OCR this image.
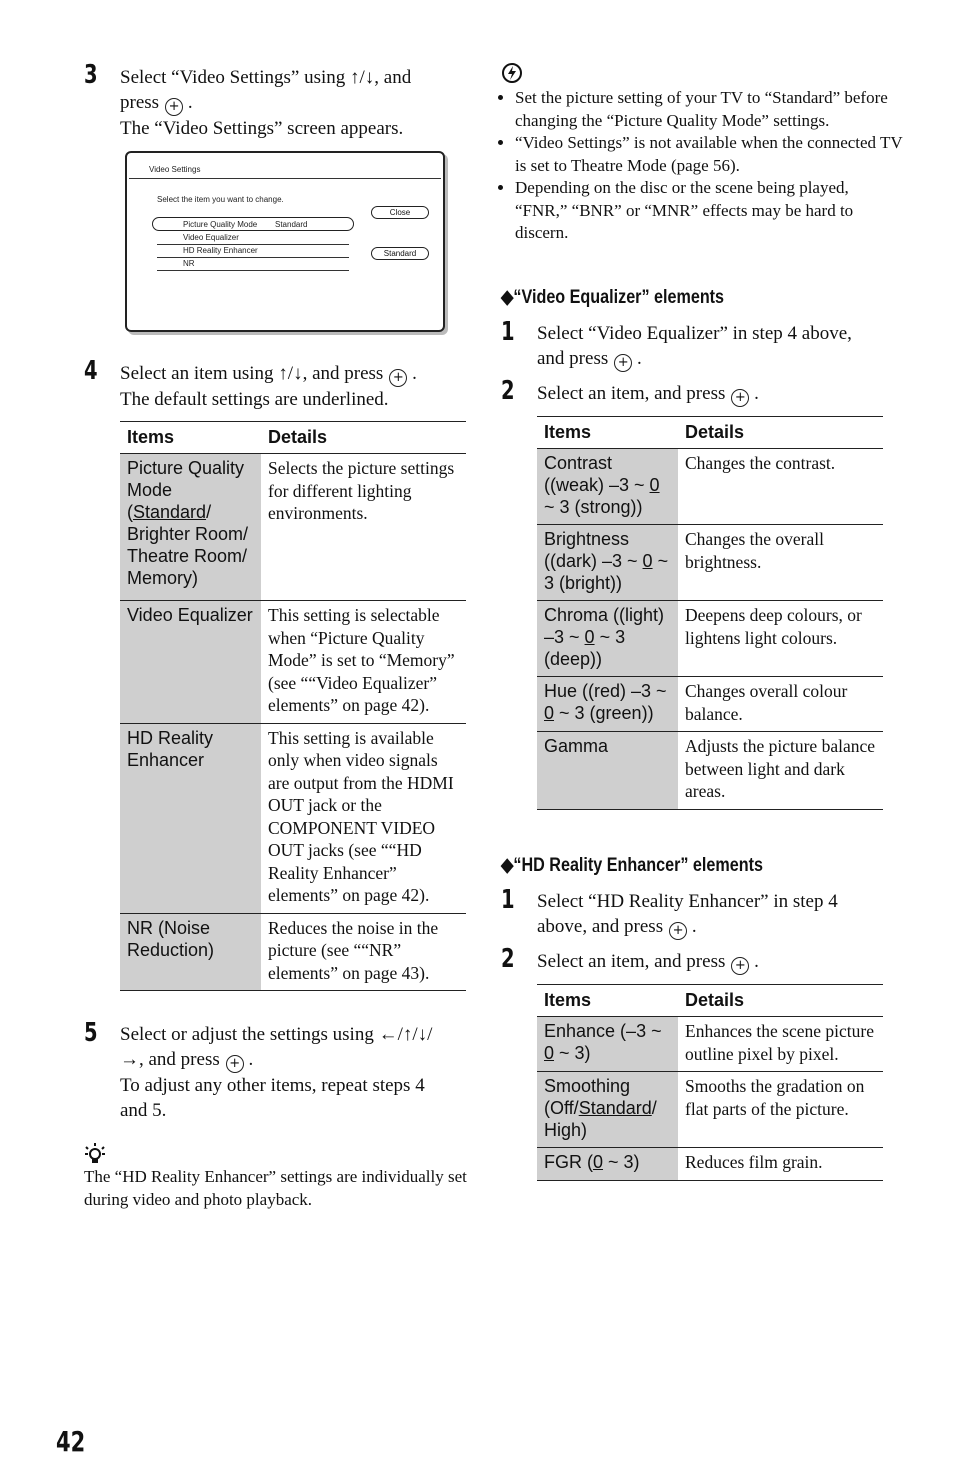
3 Select “Video Settings” using ↑/↓, and
press + .
The “Video Settings” screen appears.
Video Settings
Select the item you want to change.
Picture Quality Mode Standard
Video Equalizer
HD Reality Enhancer
NR
Close
Standard
4 Select an item using ↑/↓, and press + .
The default settings are underlined.
Items	Details
Picture Quality Mode (Standard/ Brighter Room/ Theatre Room/ Memory)	Selects the picture settings for different lighting environments.
Video Equalizer	This setting is selectable when “Picture Quality Mode” is set to “Memory” (see ““Video Equalizer” elements” on page 42).
HD Reality Enhancer	This setting is available only when video signals are output from the HDMI OUT jack or the COMPONENT VIDEO OUT jacks (see ““HD Reality Enhancer” elements” on page 42).
NR (Noise Reduction)	Reduces the noise in the picture (see ““NR” elements” on page 43).
5 Select or adjust the settings using ←/↑/↓/
→, and press + .
To adjust any other items, repeat steps 4
and 5.
The “HD Reality Enhancer” settings are individually set during video and photo playback.
42
• Set the picture setting of your TV to “Standard” before changing the “Picture Quality Mode” settings.
• “Video Settings” is not available when the connected TV is set to Theatre Mode (page 56).
• Depending on the disc or the scene being played, “FNR,” “BNR” or “MNR” effects may be hard to discern.
◆“Video Equalizer” elements
1 Select “Video Equalizer” in step 4 above,
and press + .
2 Select an item, and press + .
Items	Details
Contrast ((weak) –3 ~ 0 ~ 3 (strong))	Changes the contrast.
Brightness ((dark) –3 ~ 0 ~ 3 (bright))	Changes the overall brightness.
Chroma ((light) –3 ~ 0 ~ 3 (deep))	Deepens deep colours, or lightens light colours.
Hue ((red) –3 ~ 0 ~ 3 (green))	Changes overall colour balance.
Gamma	Adjusts the picture balance between light and dark areas.
◆“HD Reality Enhancer” elements
1 Select “HD Reality Enhancer” in step 4
above, and press + .
2 Select an item, and press + .
Items	Details
Enhance (–3 ~ 0 ~ 3)	Enhances the scene picture outline pixel by pixel.
Smoothing (Off/Standard/ High)	Smooths the gradation on flat parts of the picture.
FGR (0 ~ 3)	Reduces film grain.
